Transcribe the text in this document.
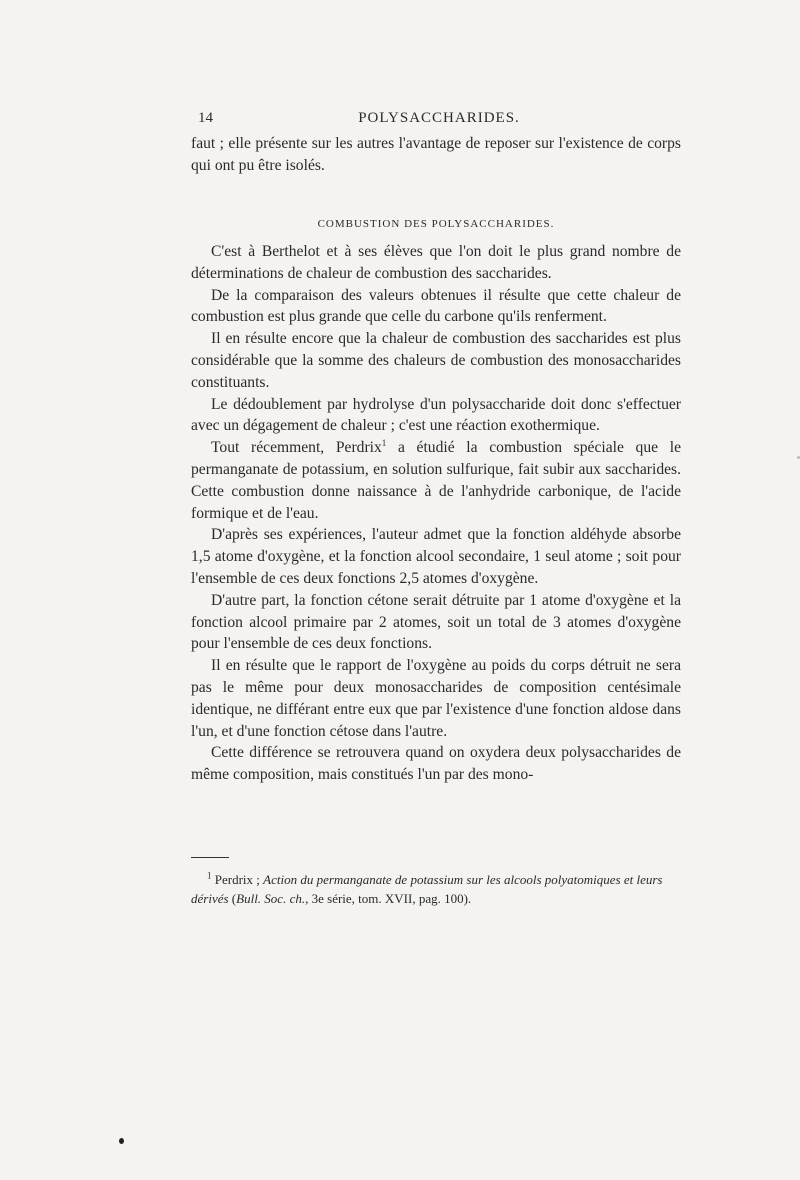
14	POLYSACCHARIDES.

faut ; elle présente sur les autres l'avantage de reposer sur l'existence de corps qui ont pu être isolés.

COMBUSTION DES POLYSACCHARIDES.

C'est à Berthelot et à ses élèves que l'on doit le plus grand nombre de déterminations de chaleur de combustion des saccharides.

De la comparaison des valeurs obtenues il résulte que cette chaleur de combustion est plus grande que celle du carbone qu'ils renferment.

Il en résulte encore que la chaleur de combustion des saccharides est plus considérable que la somme des chaleurs de combustion des monosaccharides constituants.

Le dédoublement par hydrolyse d'un polysaccharide doit donc s'effectuer avec un dégagement de chaleur ; c'est une réaction exothermique.

Tout récemment, Perdrix$^1$ a étudié la combustion spéciale que le permanganate de potassium, en solution sulfurique, fait subir aux saccharides. Cette combustion donne naissance à de l'anhydride carbonique, de l'acide formique et de l'eau.

D'après ses expériences, l'auteur admet que la fonction aldéhyde absorbe 1,5 atome d'oxygène, et la fonction alcool secondaire, 1 seul atome ; soit pour l'ensemble de ces deux fonctions 2,5 atomes d'oxygène.

D'autre part, la fonction cétone serait détruite par 1 atome d'oxygène et la fonction alcool primaire par 2 atomes, soit un total de 3 atomes d'oxygène pour l'ensemble de ces deux fonctions.

Il en résulte que le rapport de l'oxygène au poids du corps détruit ne sera pas le même pour deux monosaccharides de composition centésimale identique, ne différant entre eux que par l'existence d'une fonction aldose dans l'un, et d'une fonction cétose dans l'autre.

Cette différence se retrouvera quand on oxydera deux polysaccharides de même composition, mais constitués l'un par des mono-

$^1$ Perdrix ; Action du permanganate de potassium sur les alcools polyatomiques et leurs dérivés (Bull. Soc. ch., 3e série, tom. XVII, pag. 100).
